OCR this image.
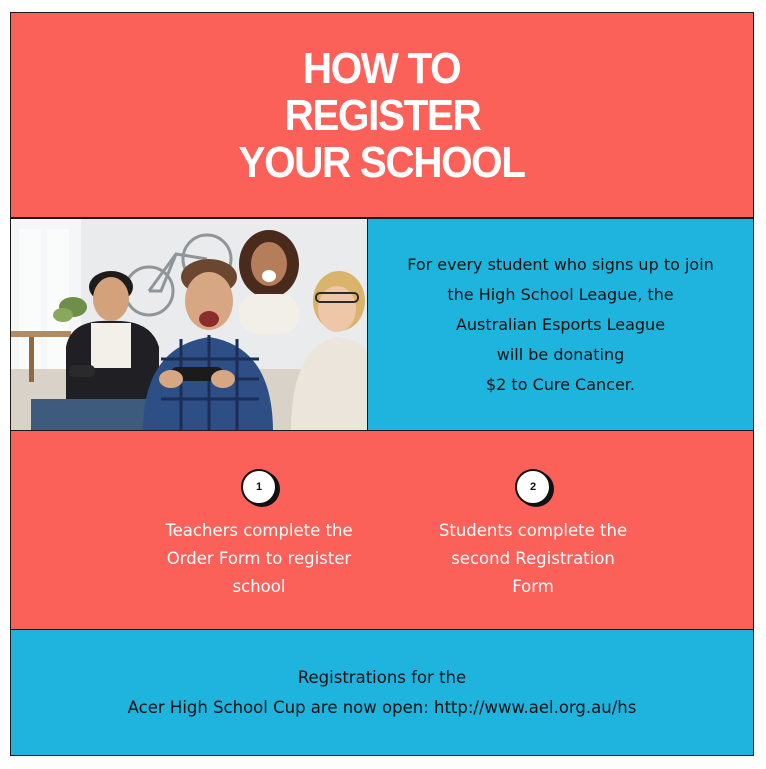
HOW TO
REGISTER
YOUR SCHOOL
For every student who signs up to join
the High School League, the
Australian Esports League
will be donating
$2 to Cure Cancer.
1
Teachers complete the
Order Form to register
school
2
Students complete the
second Registration
Form
Registrations for the
Acer High School Cup are now open: http://www.ael.org.au/hs
